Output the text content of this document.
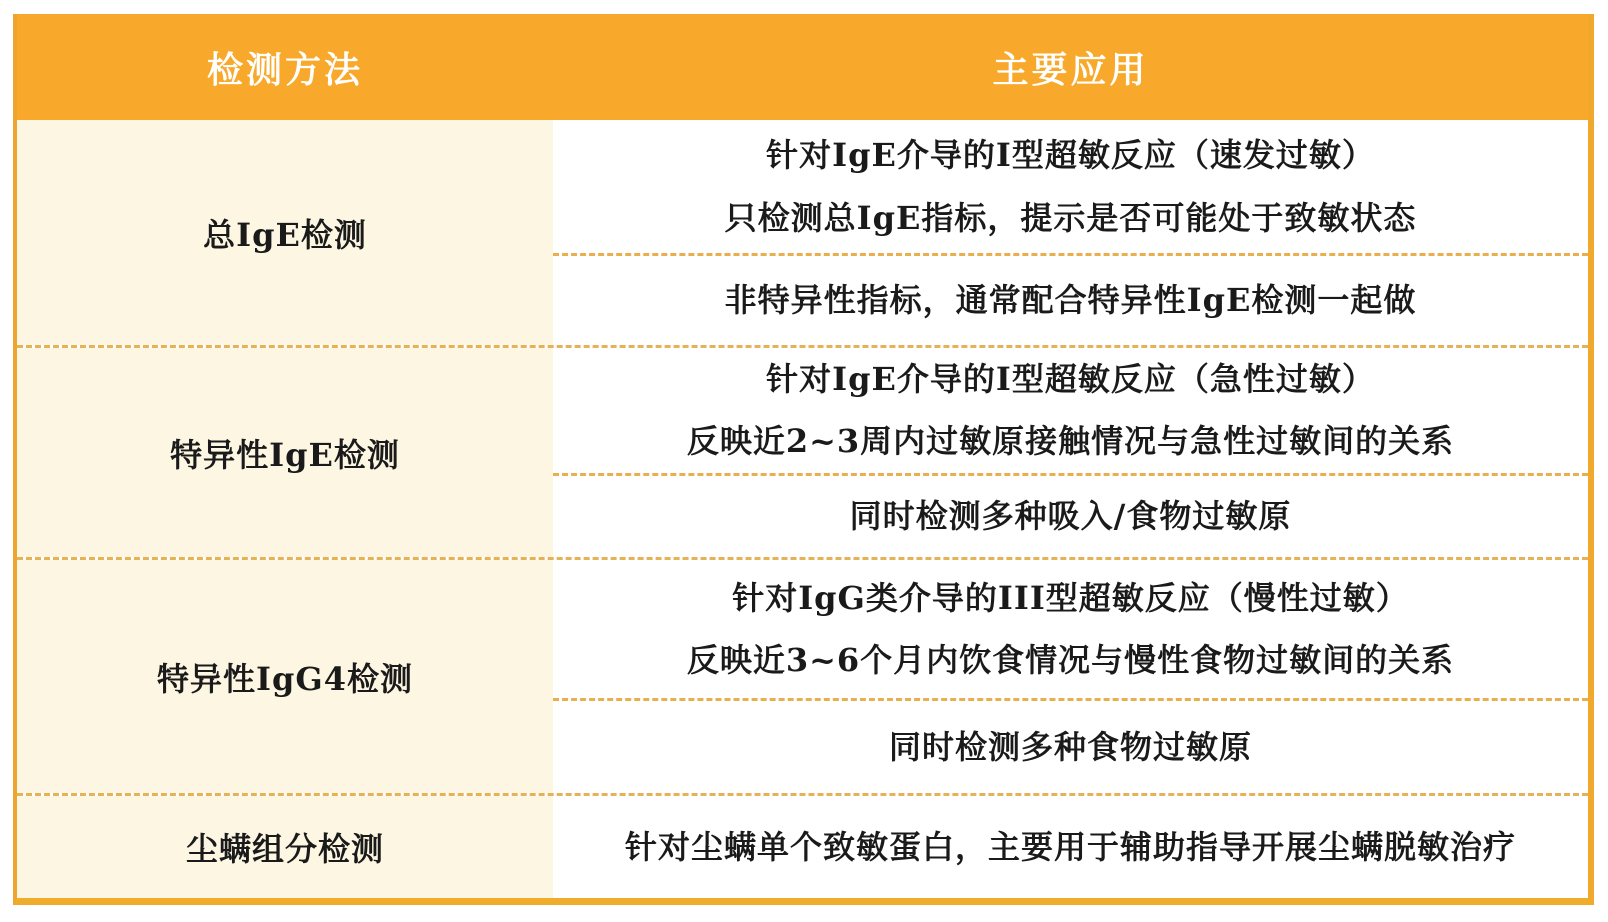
检测方法	主要应用
总IgE检测
针对IgE介导的I型超敏反应（速发过敏）
只检测总IgE指标，提示是否可能处于致敏状态
非特异性指标，通常配合特异性IgE检测一起做
特异性IgE检测
针对IgE介导的I型超敏反应（急性过敏）
反映近2~3周内过敏原接触情况与急性过敏间的关系
同时检测多种吸入/食物过敏原
特异性IgG4检测
针对IgG类介导的III型超敏反应（慢性过敏）
反映近3~6个月内饮食情况与慢性食物过敏间的关系
同时检测多种食物过敏原
尘螨组分检测	针对尘螨单个致敏蛋白，主要用于辅助指导开展尘螨脱敏治疗
